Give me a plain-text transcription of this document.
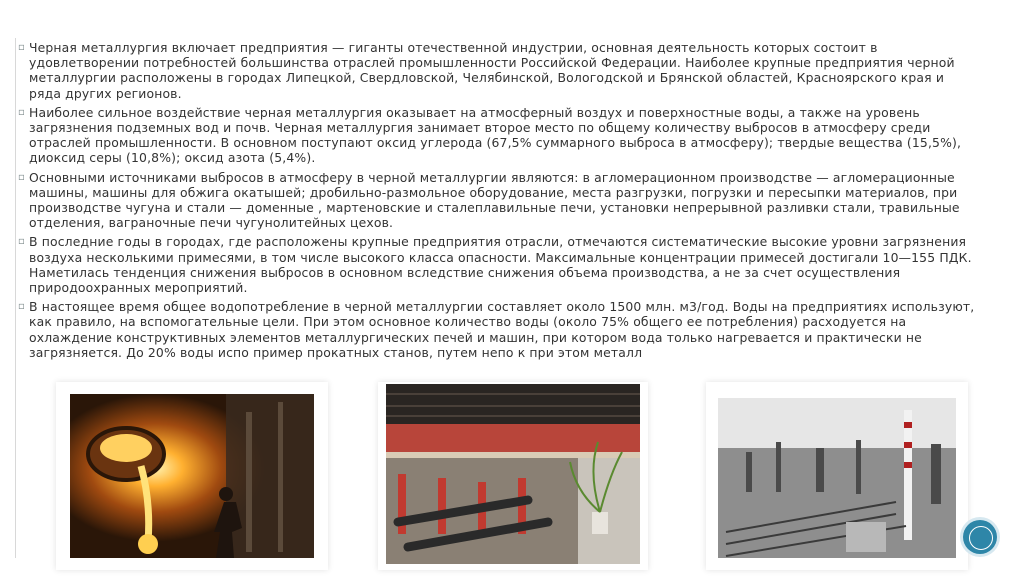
▫ Черная металлургия включает предприятия — гиганты отечественной индустрии, основная деятельность которых состоит в удовлетворении потребностей большинства отраслей промышленности Российской Федерации. Наиболее крупные предприятия черной металлургии расположены в городах Липецкой, Свердловской, Челябинской, Вологодской и Брянской областей, Красноярского края и ряда других регионов.
▫ Наиболее сильное воздействие черная металлургия оказывает на атмосферный воздух и поверхностные воды, а также на уровень загрязнения подземных вод и почв. Черная металлургия занимает второе место по общему количеству выбросов в атмосферу среди отраслей промышленности. В основном поступают оксид углерода (67,5% суммарного выброса в атмосферу); твердые вещества (15,5%), диоксид серы (10,8%); оксид азота (5,4%).
▫ Основными источниками выбросов в атмосферу в черной металлургии являются: в агломерационном производстве — агломерационные машины, машины для обжига окатышей; дробильно-размольное оборудование, места разгрузки, погрузки и пересыпки материалов, при производстве чугуна и стали — доменные , мартеновские и сталеплавильные печи, установки непрерывной разливки стали, травильные отделения, вагранoчные печи чугунолитейных цехов.
▫ В последние годы в городах, где расположены крупные предприятия отрасли, отмечаются систематические высокие уровни загрязнения воздуха несколькими примесями, в том числе высокого класса опасности. Максимальные концентрации примесей достигали 10—155 ПДК. Наметилась тенденция снижения выбросов в основном вследствие снижения объема производства, а не за счет осуществления природоохранных мероприятий.
▫ В настоящее время общее водопотребление в черной металлургии составляет около 1500 млн. м3/год. Воды на предприятиях используют, как правило, на вспомогательные цели. При этом основное количество воды (около 75% общего ее потребления) расходуется на охлаждение конструктивных элементов металлургических печей и машин, при котором вода только нагревается и практически не загрязняется. До 20% воды испо пример прокатных станов, путем непо к при этом металл
